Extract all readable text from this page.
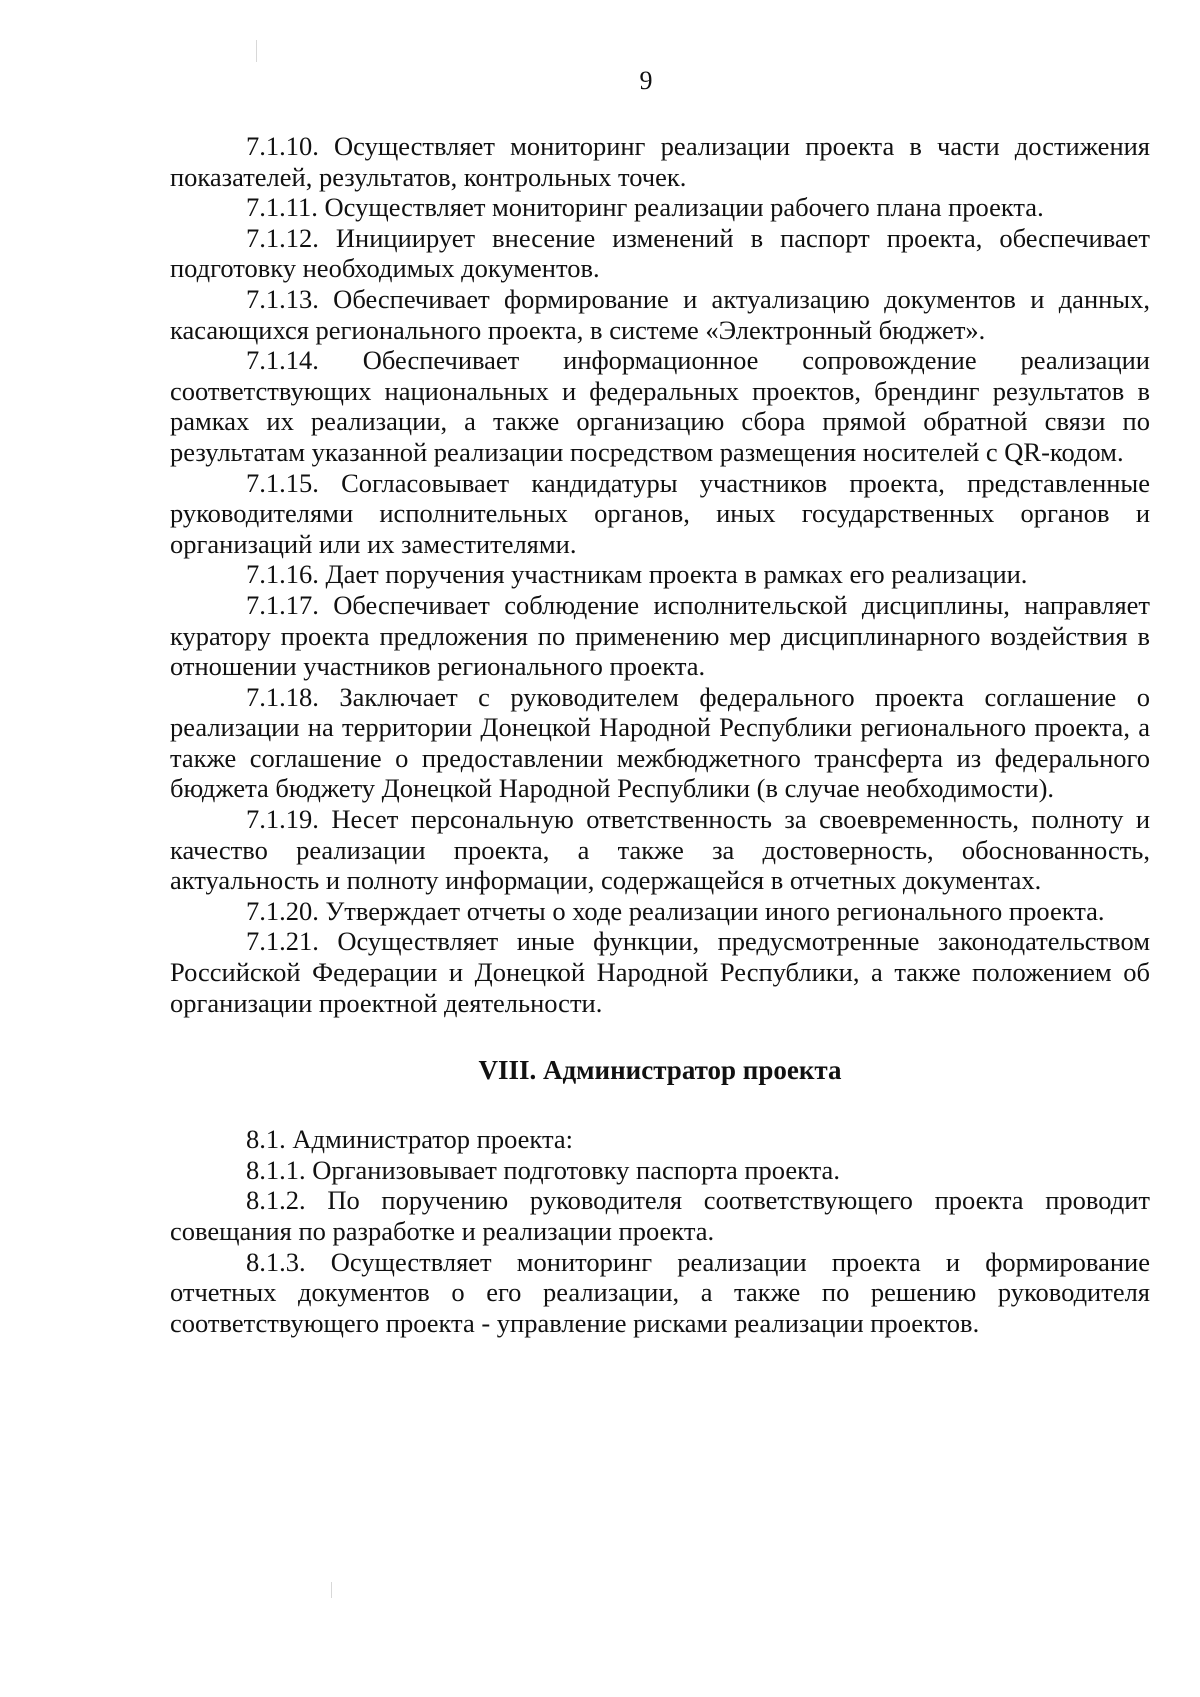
9

7.1.10. Осуществляет мониторинг реализации проекта в части достижения показателей, результатов, контрольных точек.

7.1.11. Осуществляет мониторинг реализации рабочего плана проекта.

7.1.12. Инициирует внесение изменений в паспорт проекта, обеспечивает подготовку необходимых документов.

7.1.13. Обеспечивает формирование и актуализацию документов и данных, касающихся регионального проекта, в системе «Электронный бюджет».

7.1.14. Обеспечивает информационное сопровождение реализации соответствующих национальных и федеральных проектов, брендинг результатов в рамках их реализации, а также организацию сбора прямой обратной связи по результатам указанной реализации посредством размещения носителей с QR-кодом.

7.1.15. Согласовывает кандидатуры участников проекта, представленные руководителями исполнительных органов, иных государственных органов и организаций или их заместителями.

7.1.16. Дает поручения участникам проекта в рамках его реализации.

7.1.17. Обеспечивает соблюдение исполнительской дисциплины, направляет куратору проекта предложения по применению мер дисциплинарного воздействия в отношении участников регионального проекта.

7.1.18. Заключает с руководителем федерального проекта соглашение о реализации на территории Донецкой Народной Республики регионального проекта, а также соглашение о предоставлении межбюджетного трансферта из федерального бюджета бюджету Донецкой Народной Республики (в случае необходимости).

7.1.19. Несет персональную ответственность за своевременность, полноту и качество реализации проекта, а также за достоверность, обоснованность, актуальность и полноту информации, содержащейся в отчетных документах.

7.1.20. Утверждает отчеты о ходе реализации иного регионального проекта.

7.1.21. Осуществляет иные функции, предусмотренные законодательством Российской Федерации и Донецкой Народной Республики, а также положением об организации проектной деятельности.

VIII. Администратор проекта

8.1. Администратор проекта:

8.1.1. Организовывает подготовку паспорта проекта.

8.1.2. По поручению руководителя соответствующего проекта проводит совещания по разработке и реализации проекта.

8.1.3. Осуществляет мониторинг реализации проекта и формирование отчетных документов о его реализации, а также по решению руководителя соответствующего проекта - управление рисками реализации проектов.
